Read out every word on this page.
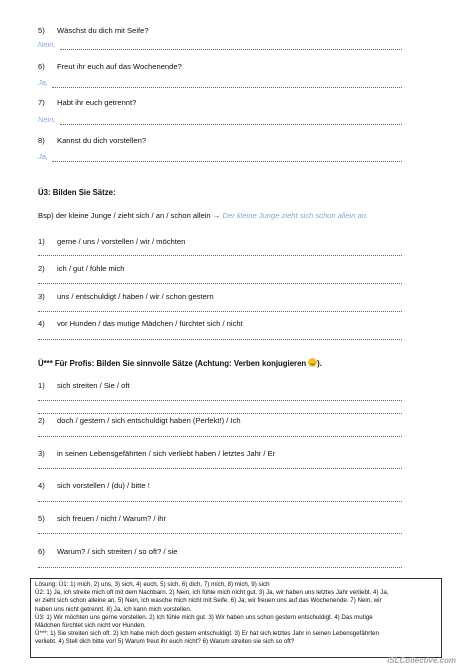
5) Wäschst du dich mit Seife?
Nein,
6) Freut ihr euch auf das Wochenende?
Ja,
7) Habt ihr euch getrennt?
Nein,
8) Kannst du dich vorstellen?
Ja,
Ü3: Bilden Sie Sätze:
Bsp) der kleine Junge / zieht sich / an / schon allein → Der kleine Junge zieht sich schon allein an.
1) gerne / uns / vorstellen / wir / möchten
2) ich / gut / fühle mich
3) uns / entschuldigt / haben / wir / schon gestern
4) vor Hunden / das mutige Mädchen / fürchtet sich / nicht
Ü*** Für Profis: Bilden Sie sinnvolle Sätze (Achtung: Verben konjugieren ).
1) sich streiten / Sie / oft
2) doch / gestern / sich entschuldigt haben (Perfekt!) / Ich
3) in seinen Lebensgefährten / sich verliebt haben / letztes Jahr / Er
4) sich vorstellen / (du) / bitte !
5) sich freuen / nicht / Warum? / ihr
6) Warum? / sich streiten / so oft? / sie

Lösung: Ü1: 1) mich, 2) uns, 3) sich, 4) euch, 5) sich, 6) dich, 7) mich, 8) mich, 9) sich

Ü2: 1) Ja, ich streite mich oft mit dem Nachbarn. 2) Nein, ich fühle mich nicht gut. 3) Ja, wir haben uns letztes Jahr verliebt. 4) Ja,

er zieht sich schon alleine an. 5) Nein, ich wasche mich nicht mit Seife. 6) Ja, wir freuen uns auf das Wochenende. 7) Nein, wir

haben uns nicht getrennt. 8) Ja, ich kann mich vorstellen.

Ü3: 1) Wir möchten uns gerne vorstellen. 2) Ich fühle mich gut. 3) Wir haben uns schon gestern entschuldigt. 4) Das mutige

Mädchen fürchtet sich nicht vor Hunden.

Ü***: 1) Sie streiten sich oft. 2) Ich habe mich doch gestern entschuldigt. 3) Er hat sich letztes Jahr in seinen Lebensgefährten

verliebt. 4) Stell dich bitte vor! 5) Warum freut ihr euch nicht? 6) Warum streiten sie sich so oft?

iSLCollective.com
